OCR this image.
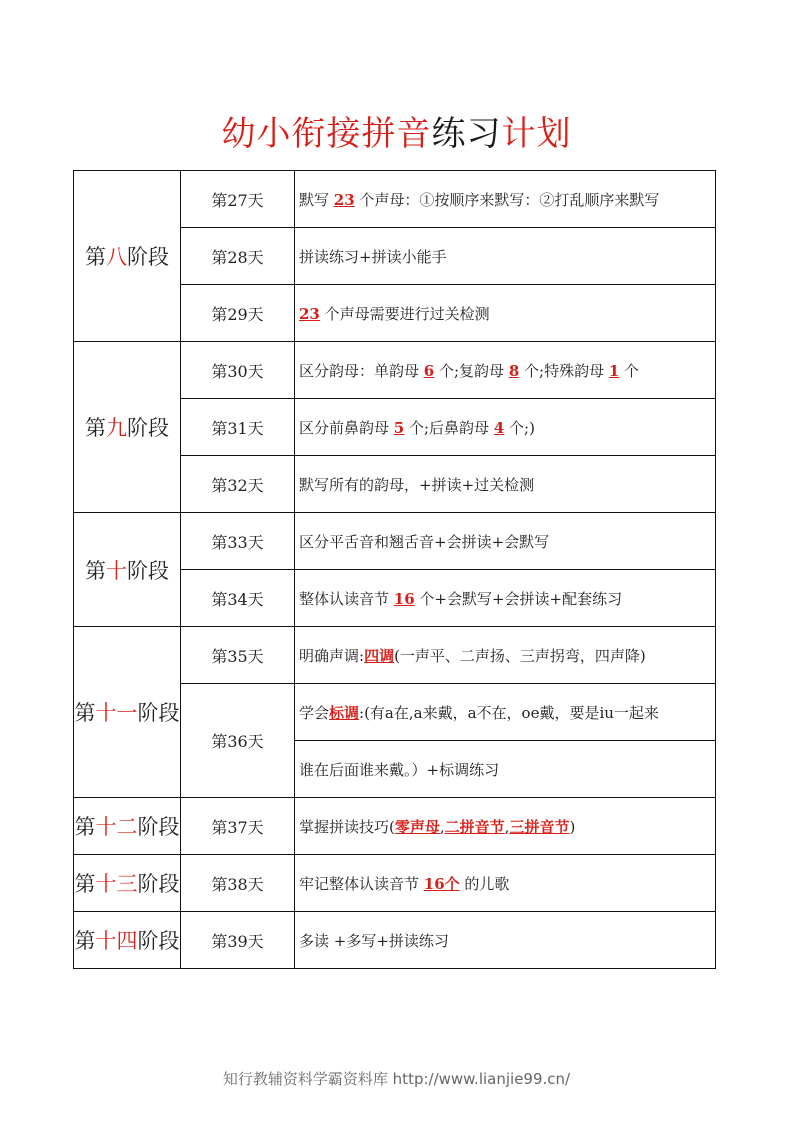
幼小衔接拼音练习计划
第八阶段	第27天	默写 23 个声母：①按顺序来默写：②打乱顺序来默写
	第28天	拼读练习+拼读小能手
	第29天	23 个声母需要进行过关检测
第九阶段	第30天	区分韵母：单韵母 6 个;复韵母 8 个;特殊韵母 1 个
	第31天	区分前鼻韵母 5 个;后鼻韵母 4 个;)
	第32天	默写所有的韵母，+拼读+过关检测
第十阶段	第33天	区分平舌音和翘舌音+会拼读+会默写
	第34天	整体认读音节 16 个+会默写+会拼读+配套练习
第十一阶段	第35天	明确声调:四调(一声平、二声扬、三声拐弯，四声降)
	第36天	学会标调:(有a在,a来戴，a不在，oe戴，要是iu一起来
		谁在后面谁来戴。）+标调练习
第十二阶段	第37天	掌握拼读技巧(零声母,二拼音节,三拼音节)
第十三阶段	第38天	牢记整体认读音节 16个 的儿歌
第十四阶段	第39天	多读 +多写+拼读练习
知行教辅资料学霸资料库 http://www.lianjie99.cn/
